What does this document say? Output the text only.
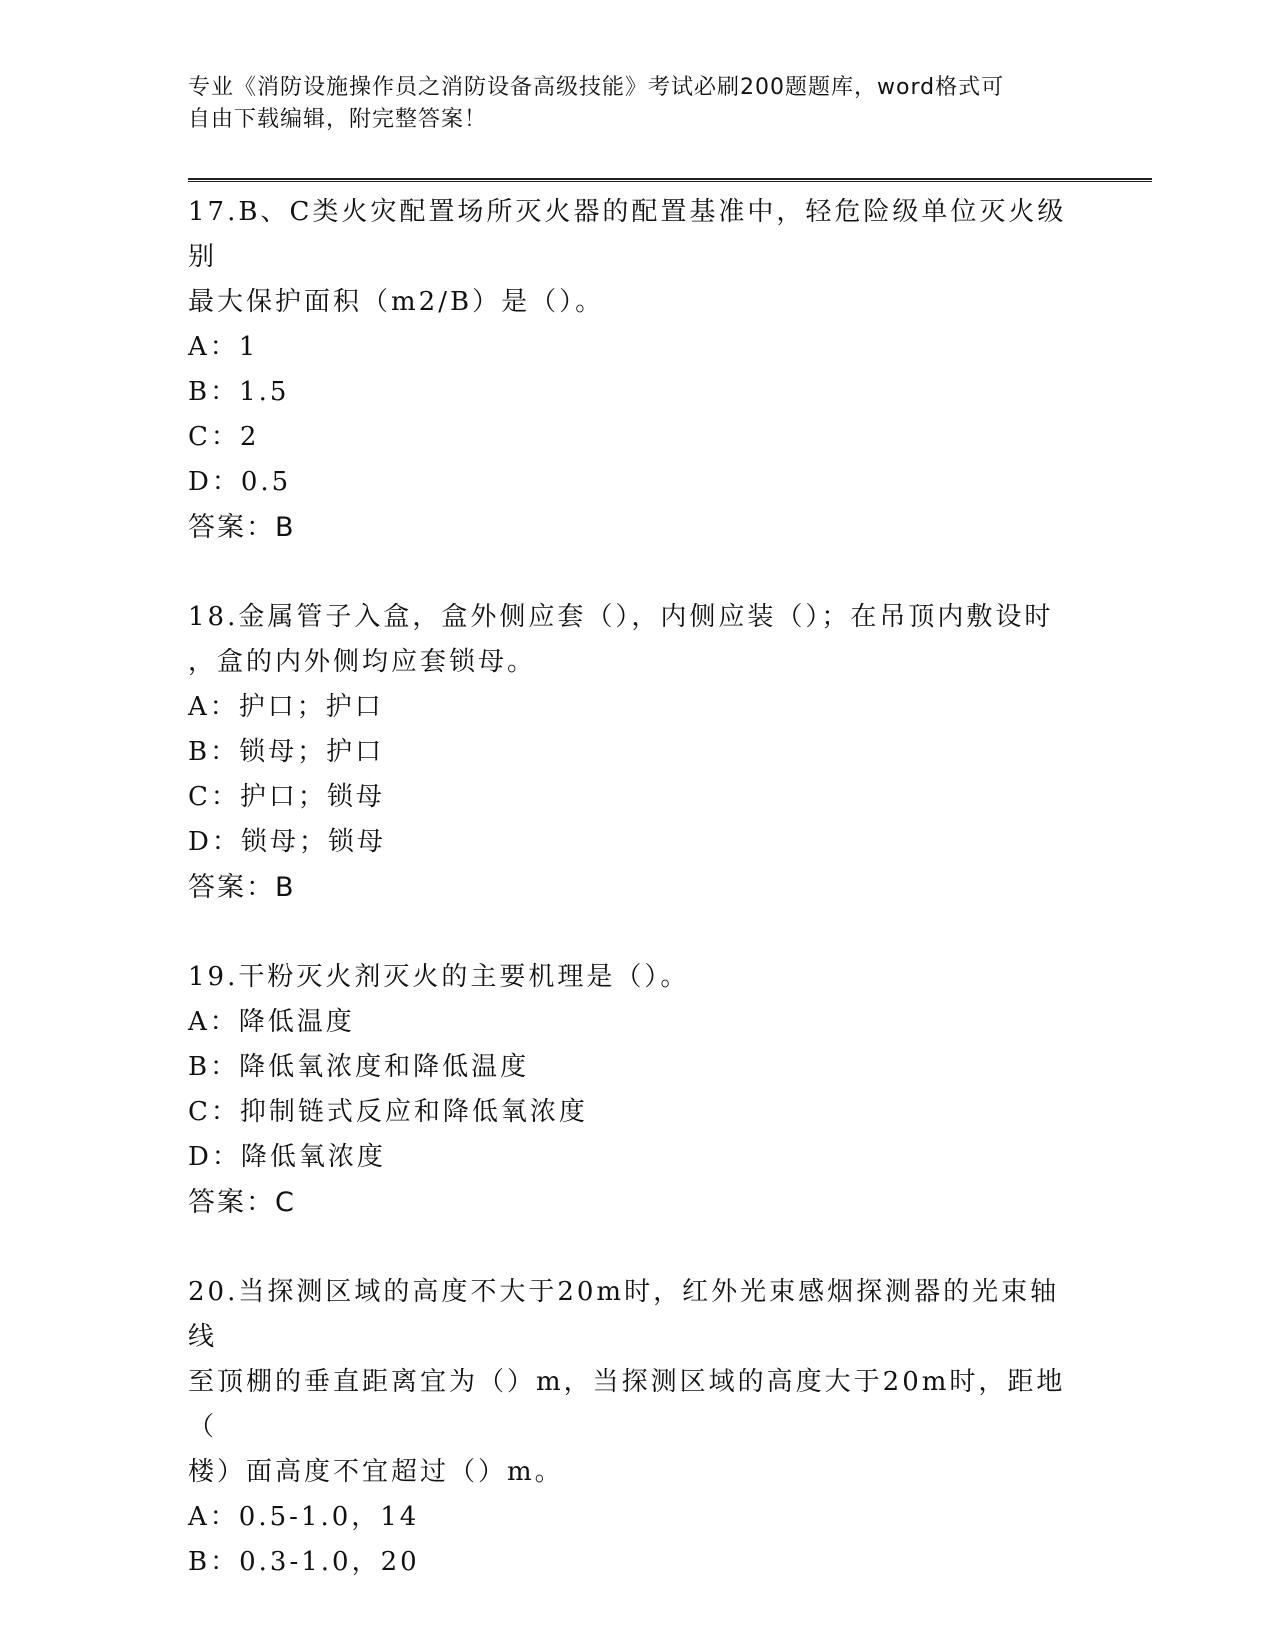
专业《消防设施操作员之消防设备高级技能》考试必刷200题题库，word格式可
自由下载编辑，附完整答案！
17.B、C类火灾配置场所灭火器的配置基准中，轻危险级单位灭火级别
最大保护面积（m2/B）是（）。
A：1
B：1.5
C：2
D：0.5
答案：B
18.金属管子入盒，盒外侧应套（），内侧应装（）；在吊顶内敷设时
，盒的内外侧均应套锁母。
A：护口；护口
B：锁母；护口
C：护口；锁母
D：锁母；锁母
答案：B
19.干粉灭火剂灭火的主要机理是（）。
A：降低温度
B：降低氧浓度和降低温度
C：抑制链式反应和降低氧浓度
D：降低氧浓度
答案：C
20.当探测区域的高度不大于20m时，红外光束感烟探测器的光束轴线
至顶棚的垂直距离宜为（）m，当探测区域的高度大于20m时，距地（
楼）面高度不宜超过（）m。
A：0.5-1.0，14
B：0.3-1.0，20
